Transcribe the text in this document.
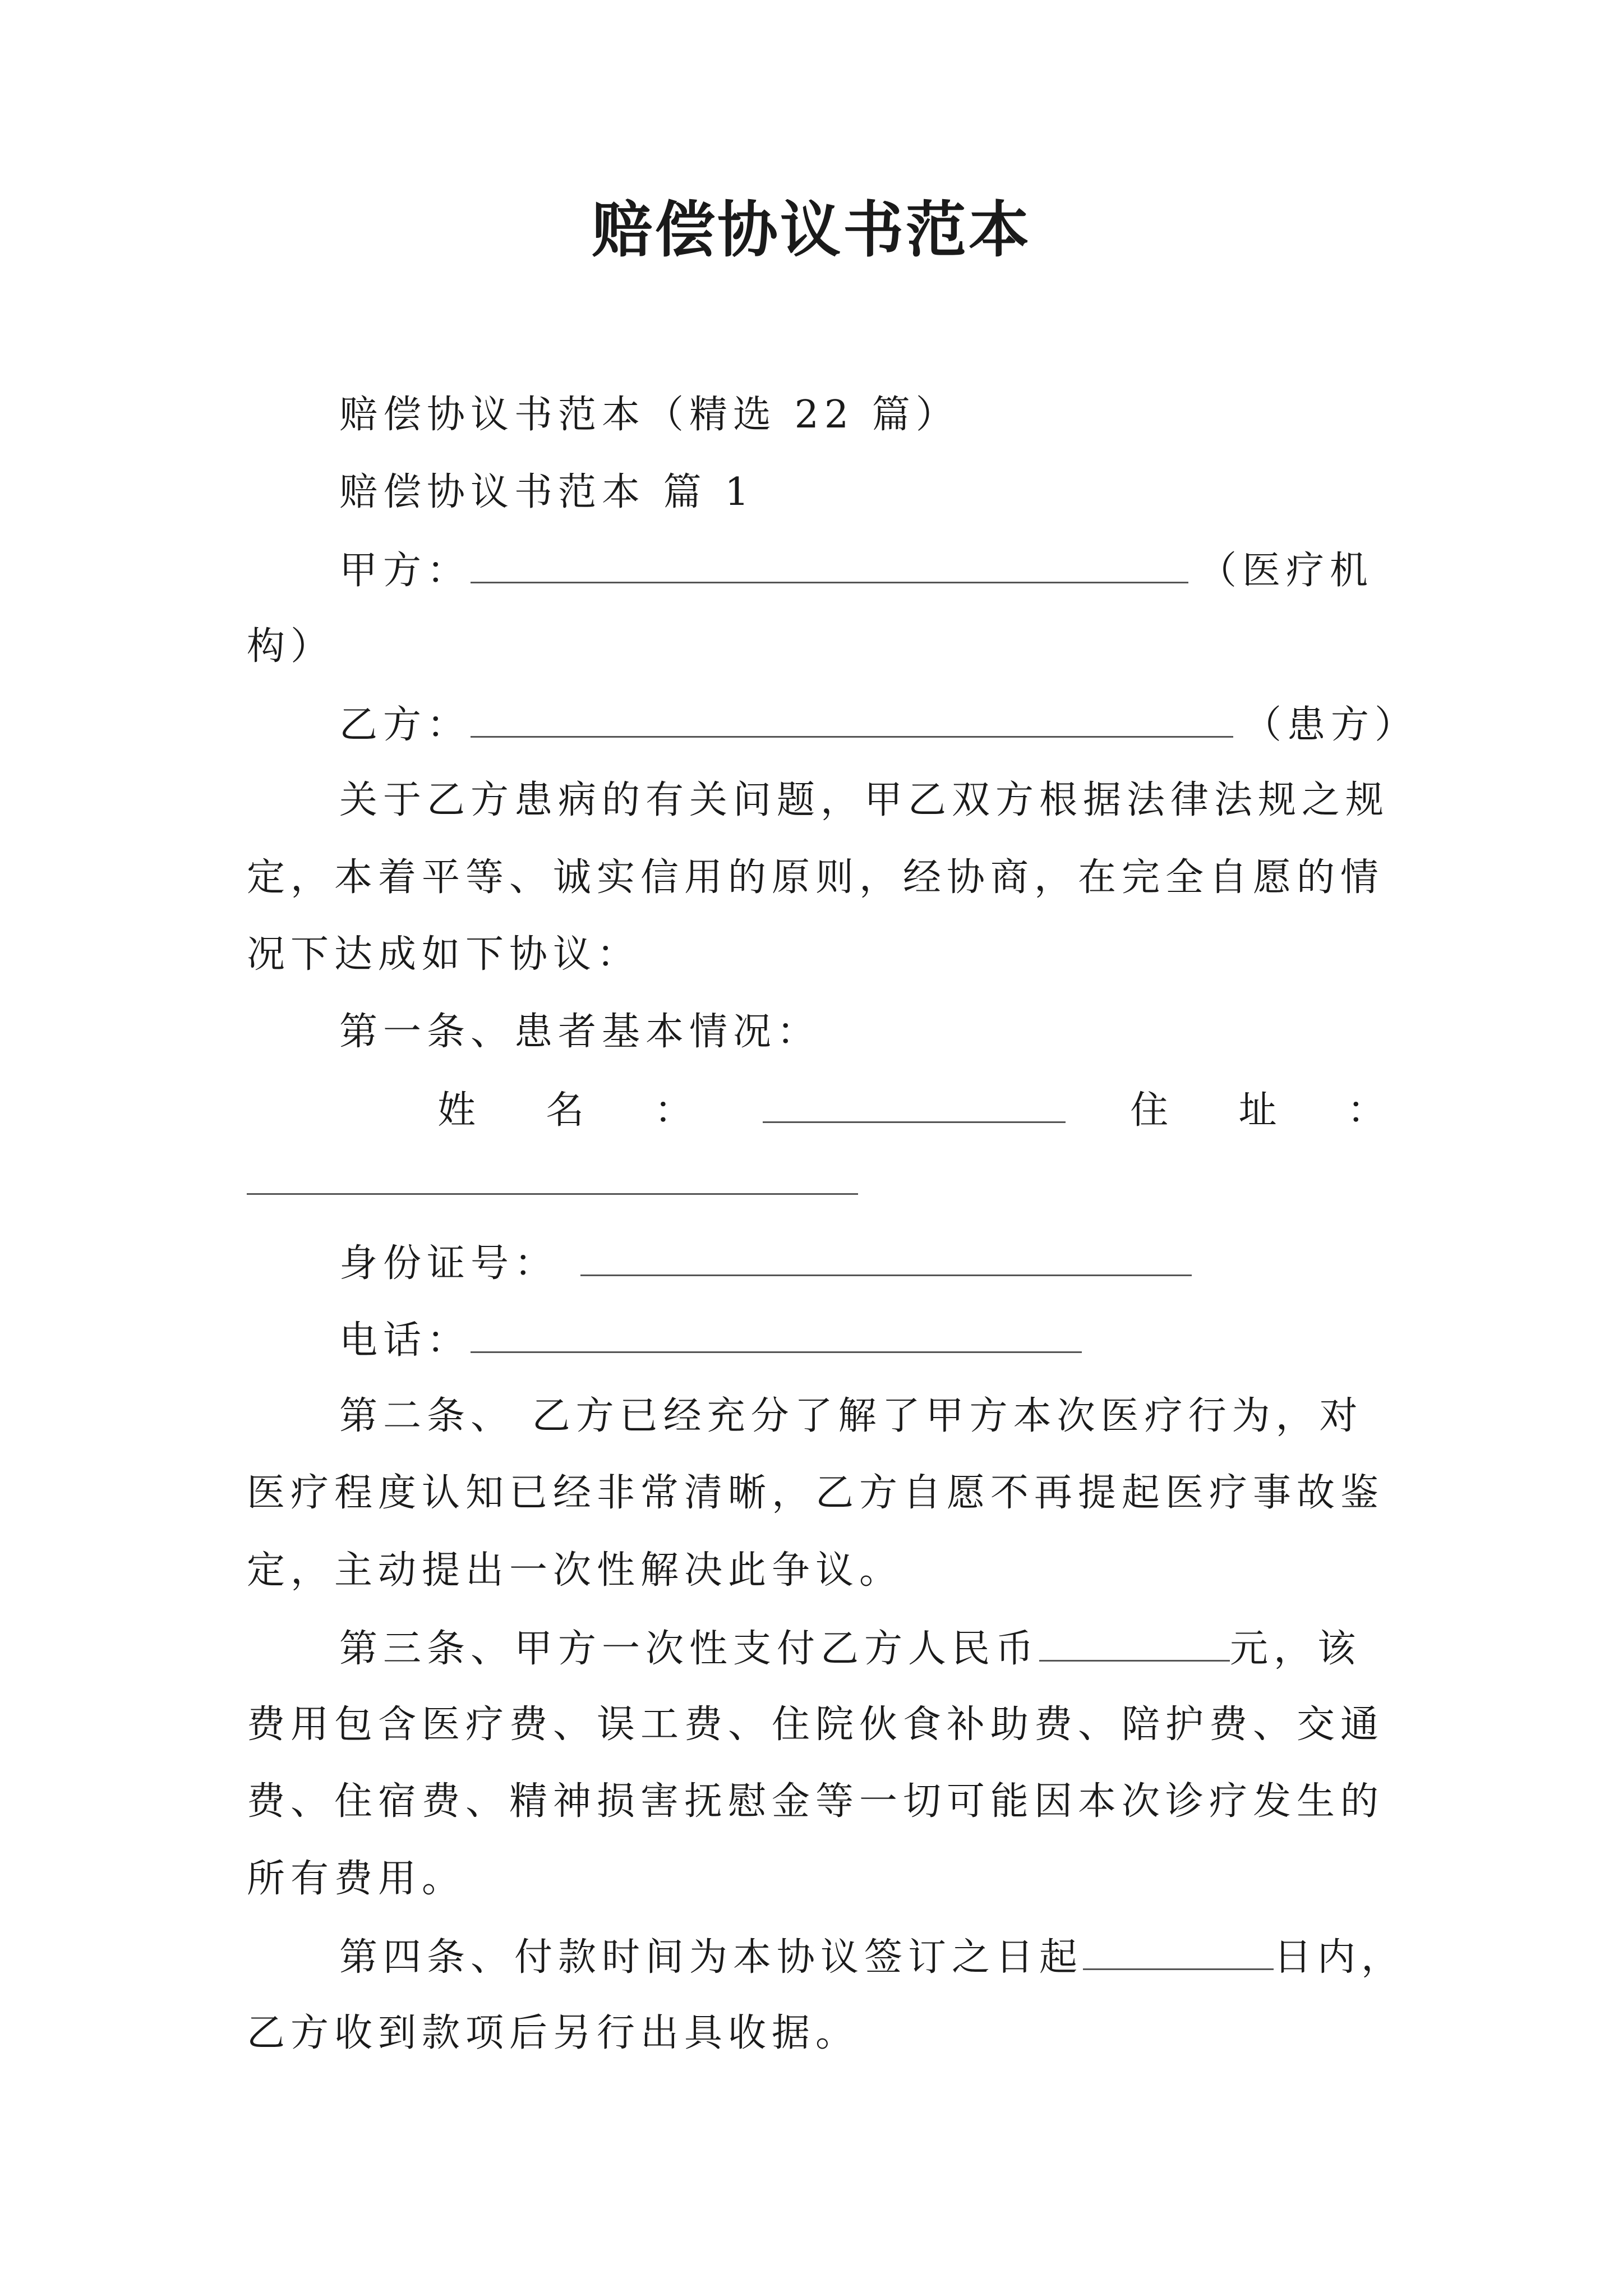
赔偿协议书范本
赔偿协议书范本（精选 22 篇）
赔偿协议书范本 篇 1
甲方：	（医疗机
构）
乙方：	（患方）
关于乙方患病的有关问题，甲乙双方根据法律法规之规
定，本着平等、诚实信用的原则，经协商，在完全自愿的情
况下达成如下协议：
第一条、患者基本情况：
姓 名 ：	住 址 ：
身份证号：
电话：
第二条、 乙方已经充分了解了甲方本次医疗行为，对
医疗程度认知已经非常清晰，乙方自愿不再提起医疗事故鉴
定，主动提出一次性解决此争议。
第三条、甲方一次性支付乙方人民币	元，该
费用包含医疗费、误工费、住院伙食补助费、陪护费、交通
费、住宿费、精神损害抚慰金等一切可能因本次诊疗发生的
所有费用。
第四条、付款时间为本协议签订之日起	日内，
乙方收到款项后另行出具收据。
